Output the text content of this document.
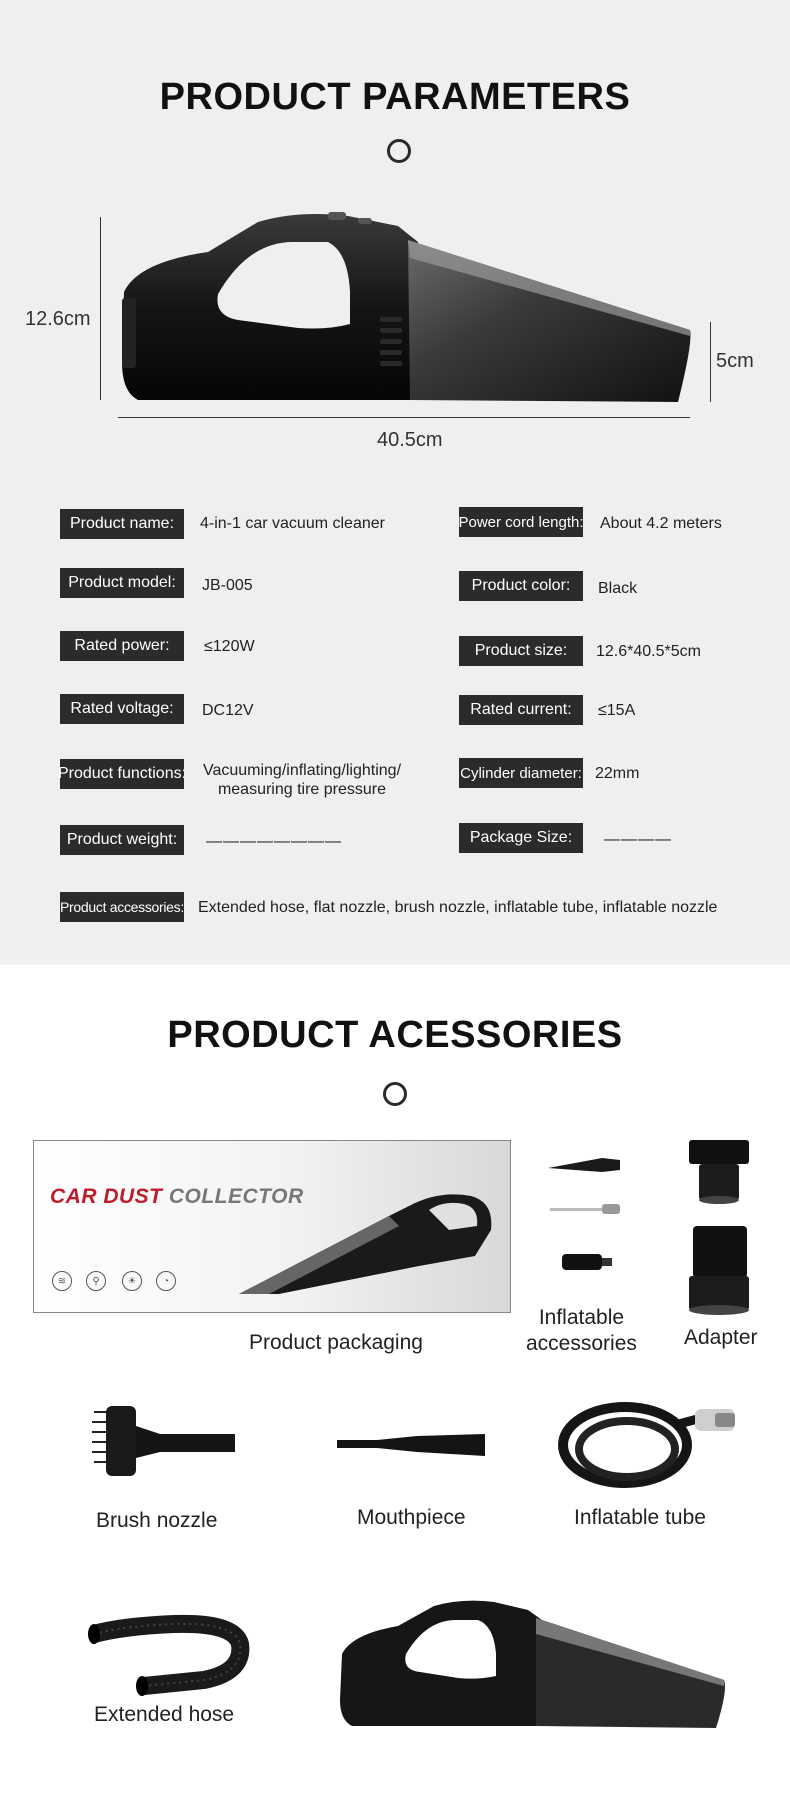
PRODUCT PARAMETERS
12.6cm
40.5cm
5cm
Product name:	4-in-1 car vacuum cleaner
Product model:	JB-005
Rated power:	≤120W
Rated voltage:	DC12V
Product functions:	Vacuuming/inflating/lighting/
measuring tire pressure
Product weight:	————————
Power cord length: About 4.2 meters
Product color:	Black
Product size:	12.6*40.5*5cm
Rated current:	≤15A
Cylinder diameter: 22mm
Package Size:	————
Product accessories: Extended hose, flat nozzle, brush nozzle, inflatable tube, inflatable nozzle
PRODUCT ACESSORIES
CAR DUST COLLECTOR
≋	⚲	☀	◔
Product packaging
Inflatable
accessories Adapter
Brush nozzle	Mouthpiece	Inflatable tube
Extended hose
